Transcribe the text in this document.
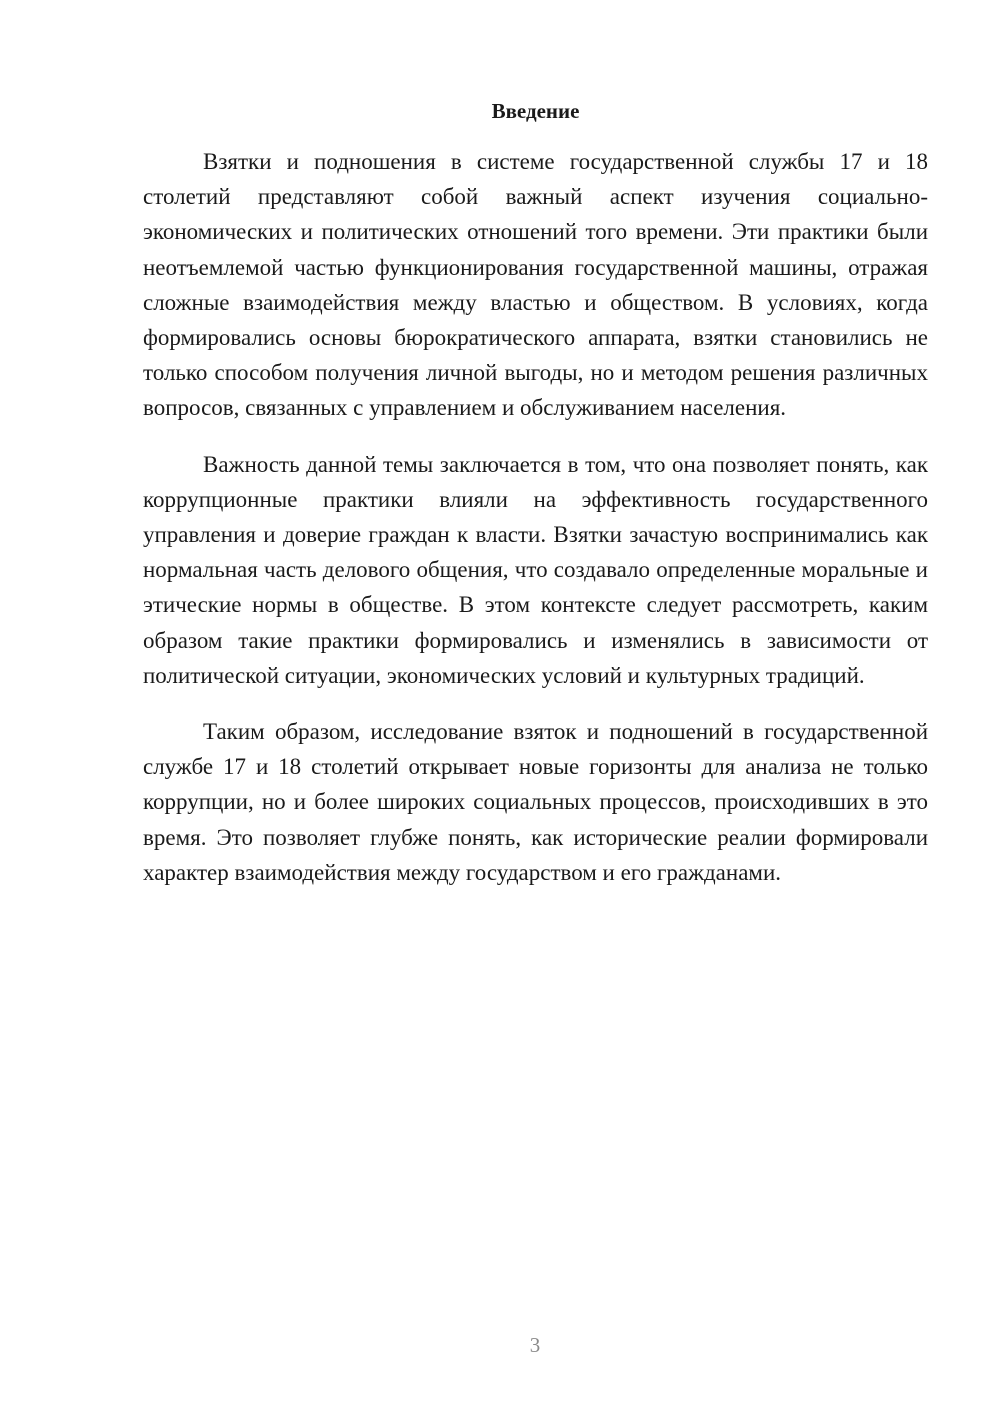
Введение

Взятки и подношения в системе государственной службы 17 и 18 столетий представляют собой важный аспект изучения социально-экономических и политических отношений того времени. Эти практики были неотъемлемой частью функционирования государственной машины, отражая сложные взаимодействия между властью и обществом. В условиях, когда формировались основы бюрократического аппарата, взятки становились не только способом получения личной выгоды, но и методом решения различных вопросов, связанных с управлением и обслуживанием населения.

Важность данной темы заключается в том, что она позволяет понять, как коррупционные практики влияли на эффективность государственного управления и доверие граждан к власти. Взятки зачастую воспринимались как нормальная часть делового общения, что создавало определенные моральные и этические нормы в обществе. В этом контексте следует рассмотреть, каким образом такие практики формировались и изменялись в зависимости от политической ситуации, экономических условий и культурных традиций.

Таким образом, исследование взяток и подношений в государственной службе 17 и 18 столетий открывает новые горизонты для анализа не только коррупции, но и более широких социальных процессов, происходивших в это время. Это позволяет глубже понять, как исторические реалии формировали характер взаимодействия между государством и его гражданами.

3
